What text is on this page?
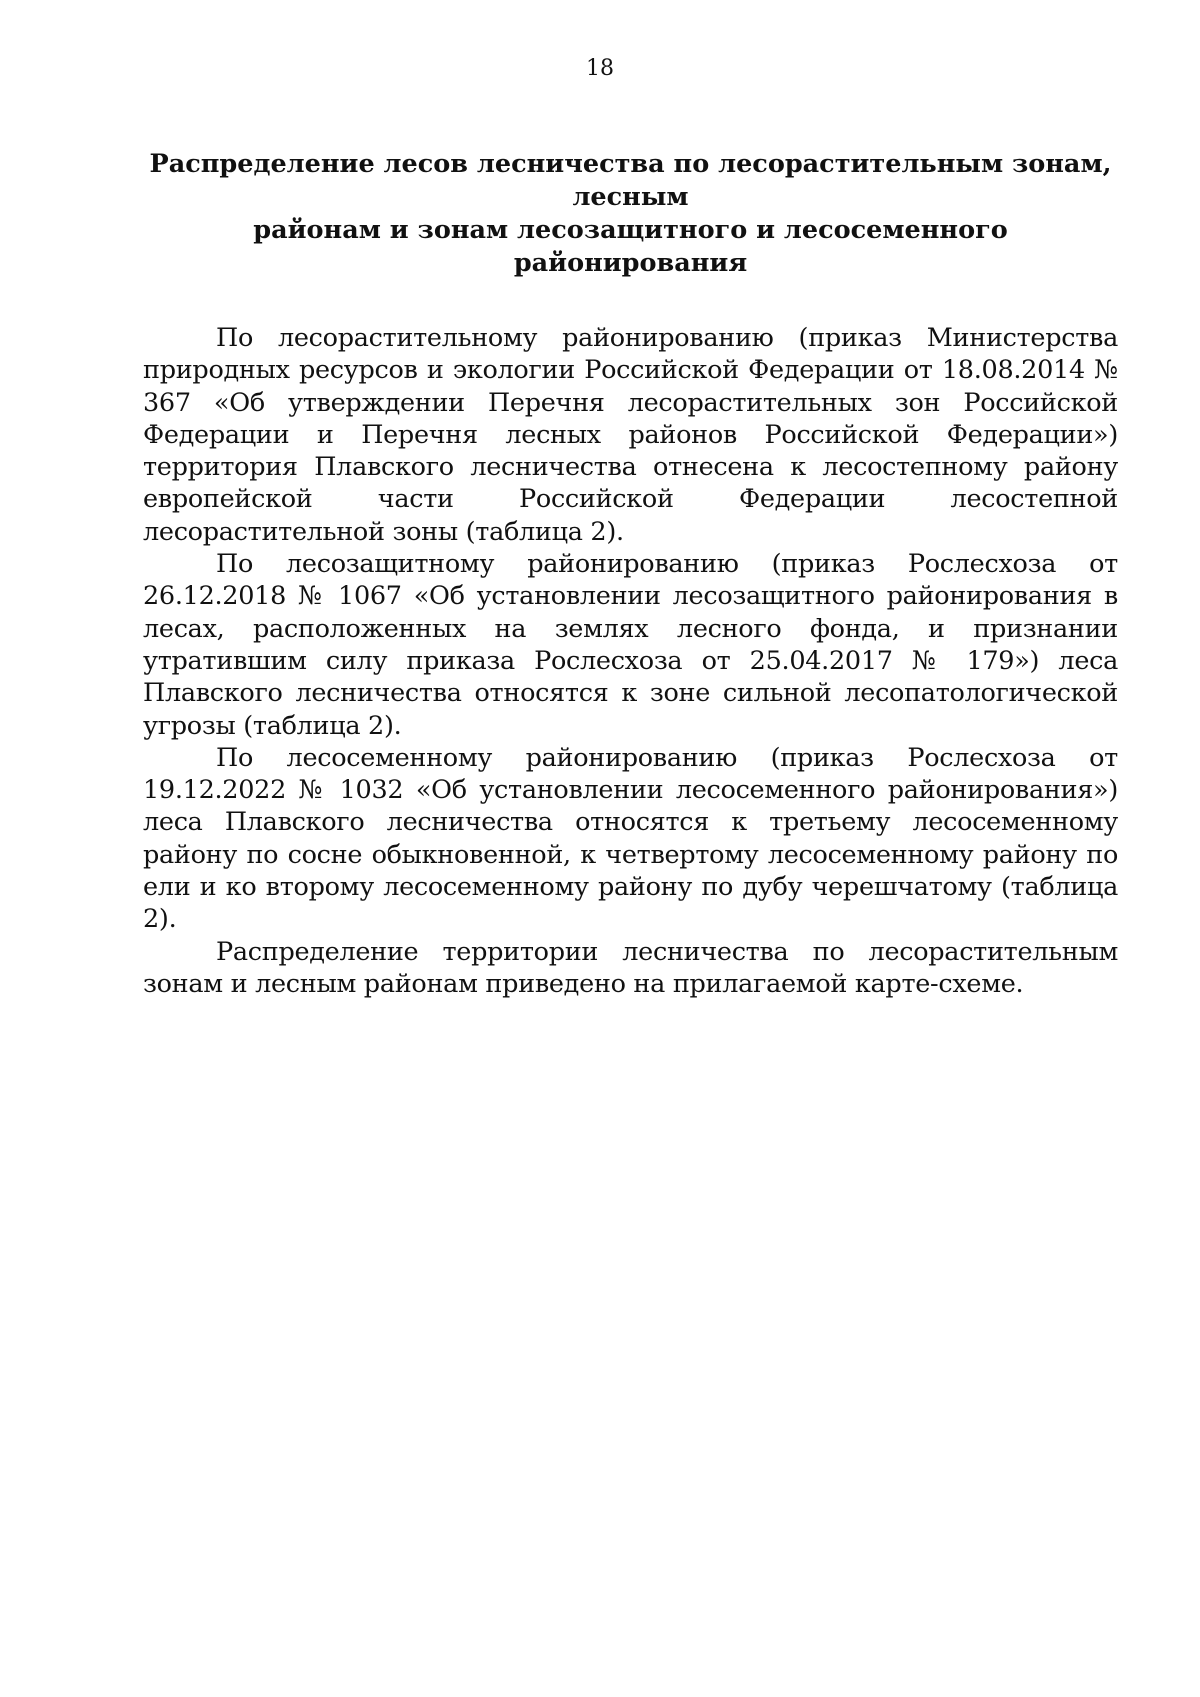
18
Распределение лесов лесничества по лесорастительным зонам, лесным
районам и зонам лесозащитного и лесосеменного районирования

По лесорастительному районированию (приказ Министерства природных ресурсов и экологии Российской Федерации от 18.08.2014 № 367 «Об утверждении Перечня лесорастительных зон Российской Федерации и Перечня лесных районов Российской Федерации») территория Плавского лесничества отнесена к лесостепному району европейской части Российской Федерации лесостепной лесорастительной зоны (таблица 2).

По лесозащитному районированию (приказ Рослесхоза от 26.12.2018 № 1067 «Об установлении лесозащитного районирования в лесах, расположенных на землях лесного фонда, и признании утратившим силу приказа Рослесхоза от 25.04.2017 № 179») леса Плавского лесничества относятся к зоне сильной лесопатологической угрозы (таблица 2).

По лесосеменному районированию (приказ Рослесхоза от 19.12.2022 № 1032 «Об установлении лесосеменного районирования») леса Плавского лесничества относятся к третьему лесосеменному району по сосне обыкновенной, к четвертому лесосеменному району по ели и ко второму лесосеменному району по дубу черешчатому (таблица 2).

Распределение территории лесничества по лесорастительным зонам и лесным районам приведено на прилагаемой карте-схеме.
